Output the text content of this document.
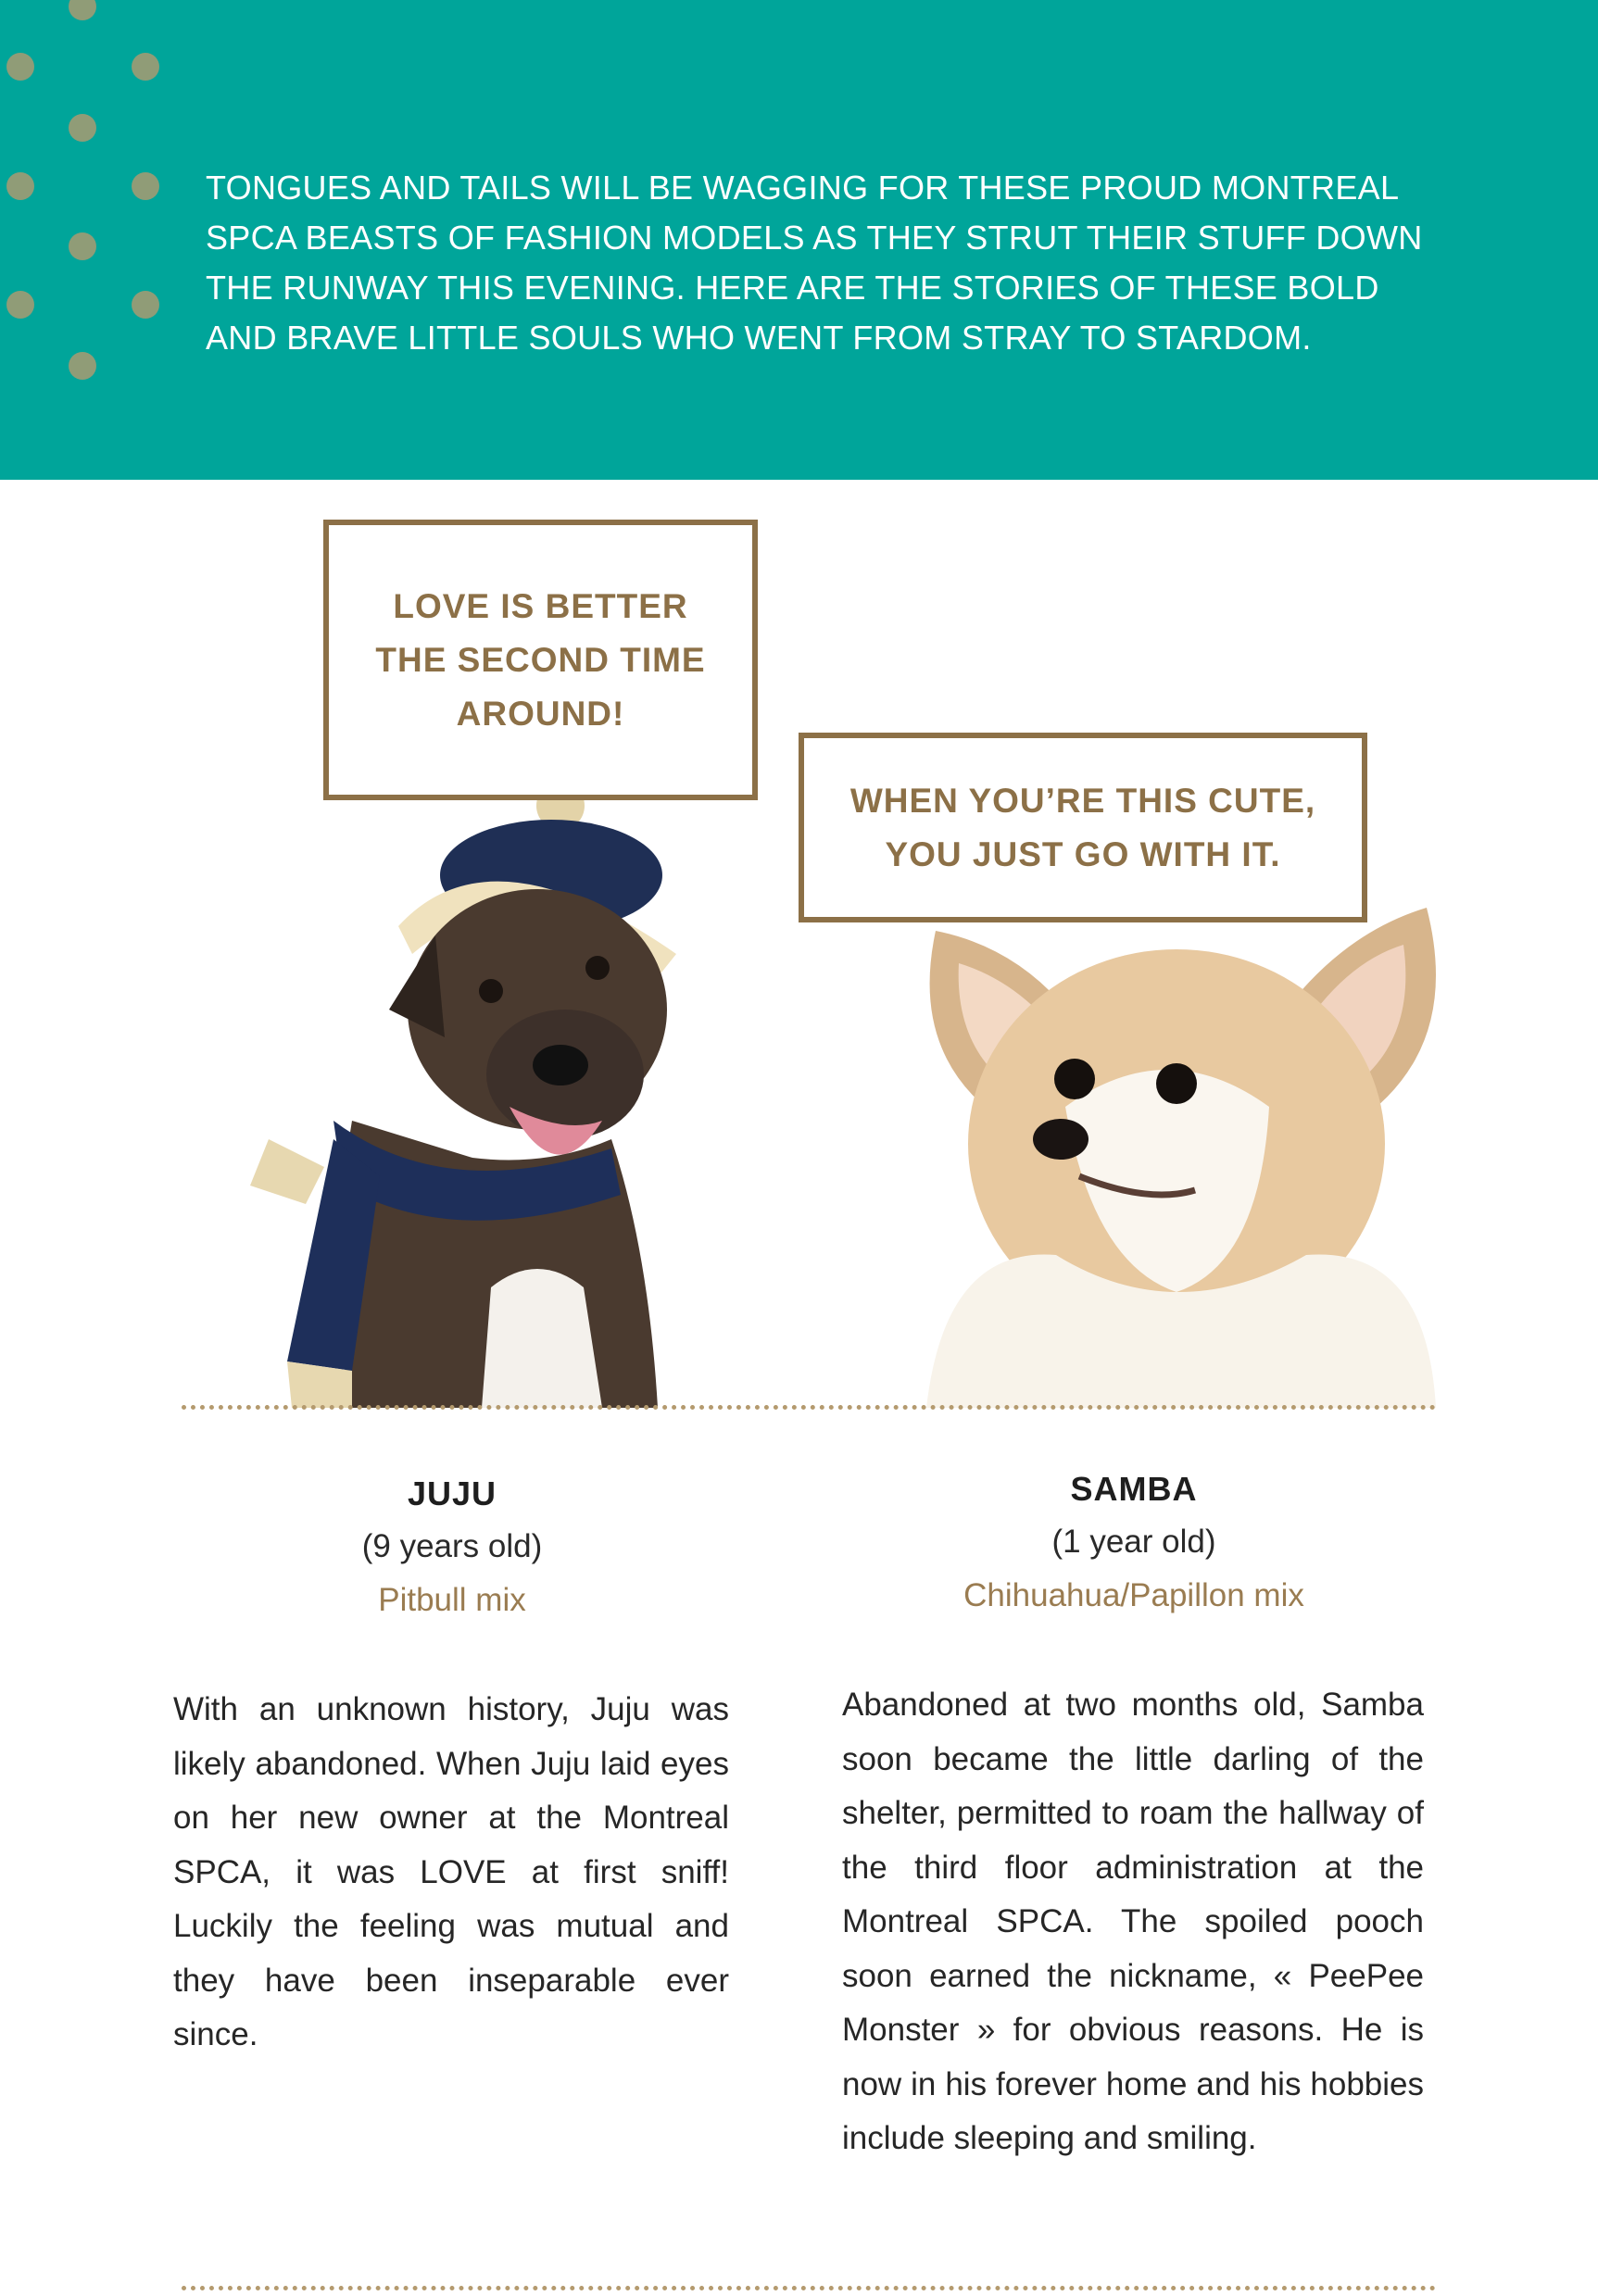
TONGUES AND TAILS WILL BE WAGGING FOR THESE PROUD MONTREAL SPCA BEASTS OF FASHION MODELS AS THEY STRUT THEIR STUFF DOWN THE RUNWAY THIS EVENING. HERE ARE THE STORIES OF THESE BOLD AND BRAVE LITTLE SOULS WHO WENT FROM STRAY TO STARDOM.
LOVE IS BETTER
THE SECOND TIME
AROUND!
WHEN YOU’RE THIS CUTE,
YOU JUST GO WITH IT.
JUJU
(9 years old)
Pitbull mix
With an unknown history, Juju was likely abandoned. When Juju laid eyes on her new owner at the Montreal SPCA, it was LOVE at first sniff! Luckily the feeling was mutual and they have been inseparable ever since.
SAMBA
(1 year old)
Chihuahua/Papillon mix
Abandoned at two months old, Samba soon became the little darling of the shelter, permitted to roam the hallway of the third floor administration at the Montreal SPCA. The spoiled pooch soon earned the nickname, « PeePee Monster » for obvious reasons. He is now in his forever home and his hobbies include sleeping and smiling.
